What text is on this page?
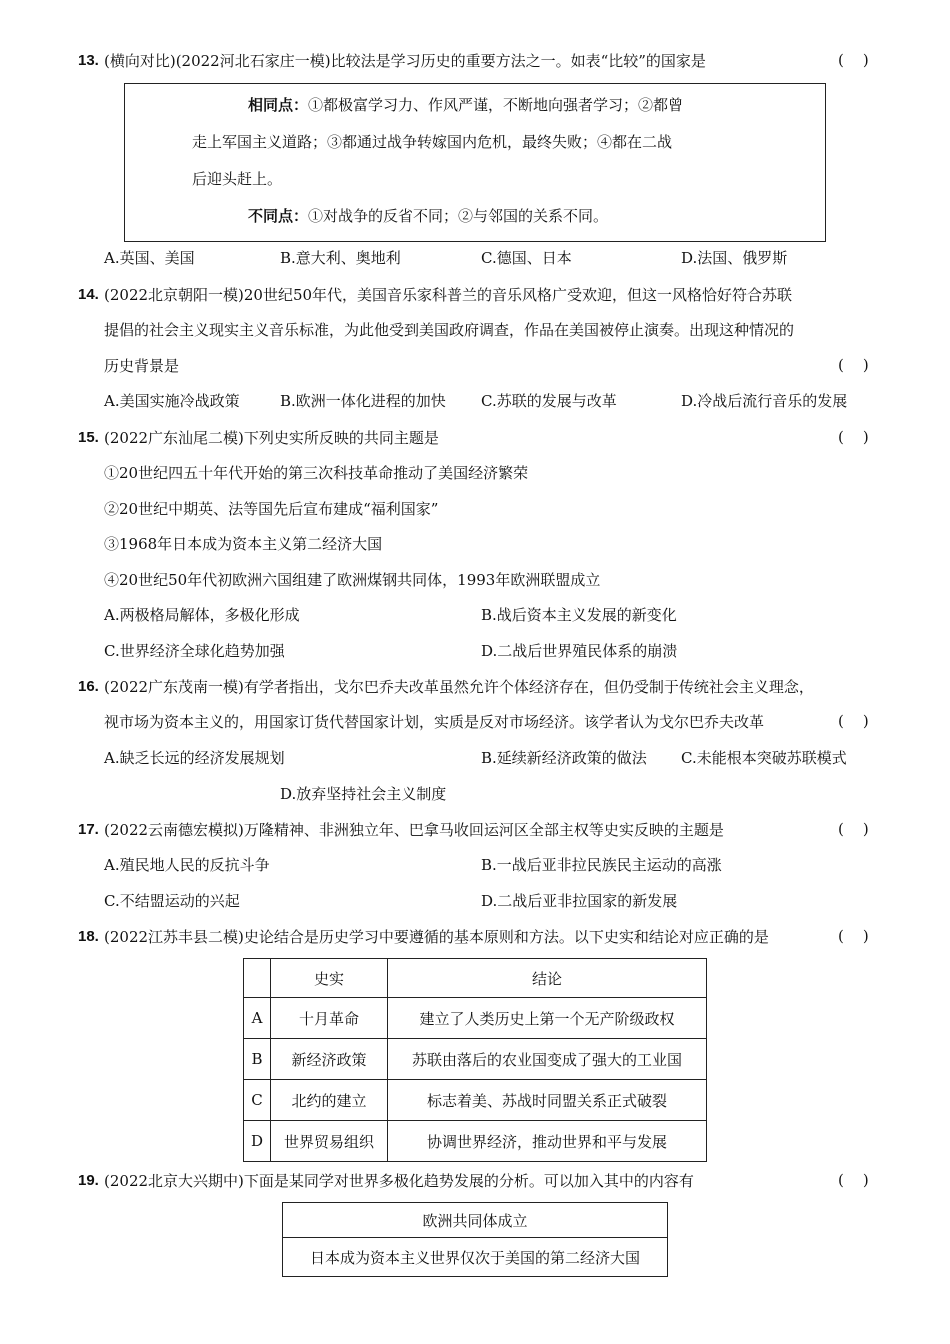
13. (横向对比)(2022河北石家庄一模)比较法是学习历史的重要方法之一。如表“比较”的国家是	(    )
相同点：①都极富学习力、作风严谨，不断地向强者学习；②都曾
走上军国主义道路；③都通过战争转嫁国内危机，最终失败；④都在二战
后迎头赶上。
不同点：①对战争的反省不同；②与邻国的关系不同。
A.英国、美国	B.意大利、奥地利	C.德国、日本	D.法国、俄罗斯
14. (2022北京朝阳一模)20世纪50年代，美国音乐家科普兰的音乐风格广受欢迎，但这一风格恰好符合苏联
提倡的社会主义现实主义音乐标准，为此他受到美国政府调查，作品在美国被停止演奏。出现这种情况的
历史背景是	(    )
A.美国实施冷战政策	B.欧洲一体化进程的加快 C.苏联的发展与改革	D.冷战后流行音乐的发展
15. (2022广东汕尾二模)下列史实所反映的共同主题是	(    )
①20世纪四五十年代开始的第三次科技革命推动了美国经济繁荣
②20世纪中期英、法等国先后宣布建成“福利国家”
③1968年日本成为资本主义第二经济大国
④20世纪50年代初欧洲六国组建了欧洲煤钢共同体，1993年欧洲联盟成立
A.两极格局解体，多极化形成	B.战后资本主义发展的新变化
C.世界经济全球化趋势加强	D.二战后世界殖民体系的崩溃
16. (2022广东茂南一模)有学者指出，戈尔巴乔夫改革虽然允许个体经济存在，但仍受制于传统社会主义理念，
视市场为资本主义的，用国家订货代替国家计划，实质是反对市场经济。该学者认为戈尔巴乔夫改革	(    )
A.缺乏长远的经济发展规划	B.延续新经济政策的做法 C.未能根本突破苏联模式
D.放弃坚持社会主义制度
17. (2022云南德宏模拟)万隆精神、非洲独立年、巴拿马收回运河区全部主权等史实反映的主题是	(    )
A.殖民地人民的反抗斗争	B.一战后亚非拉民族民主运动的高涨
C.不结盟运动的兴起	D.二战后亚非拉国家的新发展
18. (2022江苏丰县二模)史论结合是历史学习中要遵循的基本原则和方法。以下史实和结论对应正确的是	(    )
	史实	结论
A	十月革命	建立了人类历史上第一个无产阶级政权
B	新经济政策	苏联由落后的农业国变成了强大的工业国
C	北约的建立	标志着美、苏战时同盟关系正式破裂
D	世界贸易组织	协调世界经济，推动世界和平与发展
19. (2022北京大兴期中)下面是某同学对世界多极化趋势发展的分析。可以加入其中的内容有	(    )
欧洲共同体成立
日本成为资本主义世界仅次于美国的第二经济大国
